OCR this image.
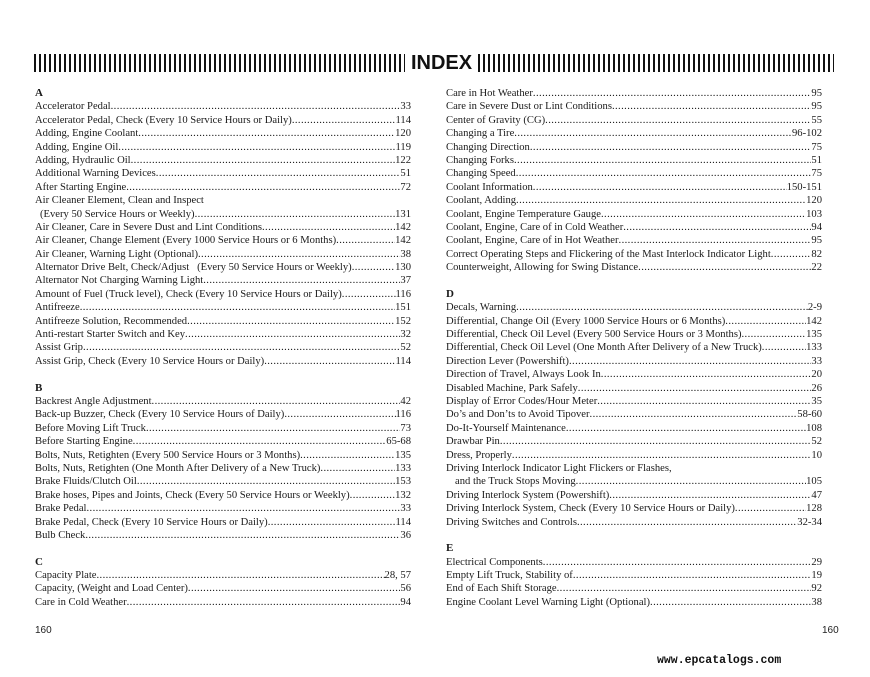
INDEX
A
Accelerator Pedal .....	33
Accelerator Pedal, Check (Every 10 Service Hours or Daily) .....	114
Adding, Engine Coolant .....	120
Adding, Engine Oil .....	119
Adding, Hydraulic Oil .....	122
Additional Warning Devices .....	51
After Starting Engine .....	72
Air Cleaner Element, Clean and Inspect
(Every 50 Service Hours or Weekly) .....	131
Air Cleaner, Care in Severe Dust and Lint Conditions .....	142
Air Cleaner, Change Element (Every 1000 Service Hours or 6 Months) .....	142
Air Cleaner, Warning Light (Optional) .....	38
Alternator Drive Belt, Check/Adjust   (Every 50 Service Hours or Weekly) .....	130
Alternator Not Charging Warning Light .....	37
Amount of Fuel (Truck level), Check (Every 10 Service Hours or Daily) .....	116
Antifreeze .....	151
Antifreeze Solution, Recommended .....	152
Anti-restart Starter Switch and Key .....	32
Assist Grip .....	52
Assist Grip, Check (Every 10 Service Hours or Daily) .....	114
B
Backrest Angle Adjustment .....	42
Back-up Buzzer, Check (Every 10 Service Hours of Daily) .....	116
Before Moving Lift Truck .....	73
Before Starting Engine .....	65-68
Bolts, Nuts, Retighten (Every 500 Service Hours or 3 Months) .....	135
Bolts, Nuts, Retighten (One Month After Delivery of a New Truck) .....	133
Brake Fluids/Clutch Oil .....	153
Brake hoses, Pipes and Joints, Check (Every 50 Service Hours or Weekly) .....	132
Brake Pedal .....	33
Brake Pedal, Check (Every 10 Service Hours or Daily) .....	114
Bulb Check .....	36
C
Capacity Plate .....	28, 57
Capacity, (Weight and Load Center) .....	56
Care in Cold Weather .....	94
Care in Hot Weather .....	95
Care in Severe Dust or Lint Conditions .....	95
Center of Gravity (CG) .....	55
Changing a Tire .....	96-102
Changing Direction .....	75
Changing Forks .....	51
Changing Speed .....	75
Coolant Information .....	150-151
Coolant, Adding .....	120
Coolant, Engine Temperature Gauge .....	103
Coolant, Engine, Care of in Cold Weather .....	94
Coolant, Engine, Care of in Hot Weather .....	95
Correct Operating Steps and Flickering of the Mast Interlock Indicator Light .....	82
Counterweight, Allowing for Swing Distance .....	22
D
Decals, Warning .....	2-9
Differential, Change Oil (Every 1000 Service Hours or 6 Months) .....	142
Differential, Check Oil Level (Every 500 Service Hours or 3 Months) .....	135
Differential, Check Oil Level (One Month After Delivery of a New Truck) .....	133
Direction Lever (Powershift) .....	33
Direction of Travel, Always Look In .....	20
Disabled Machine, Park Safely .....	26
Display of Error Codes/Hour Meter .....	35
Do’s and Don’ts to Avoid Tipover .....	58-60
Do-It-Yourself Maintenance .....	108
Drawbar Pin .....	52
Dress, Properly .....	10
Driving Interlock Indicator Light Flickers or Flashes,
and the Truck Stops Moving .....	105
Driving Interlock System (Powershift) .....	47
Driving Interlock System, Check (Every 10 Service Hours or Daily) .....	128
Driving Switches and Controls .....	32-34
E
Electrical Components .....	29
Empty Lift Truck, Stability of .....	19
End of Each Shift Storage .....	92
Engine Coolant Level Warning Light (Optional) .....	38
160	160
www.epcatalogs.com
